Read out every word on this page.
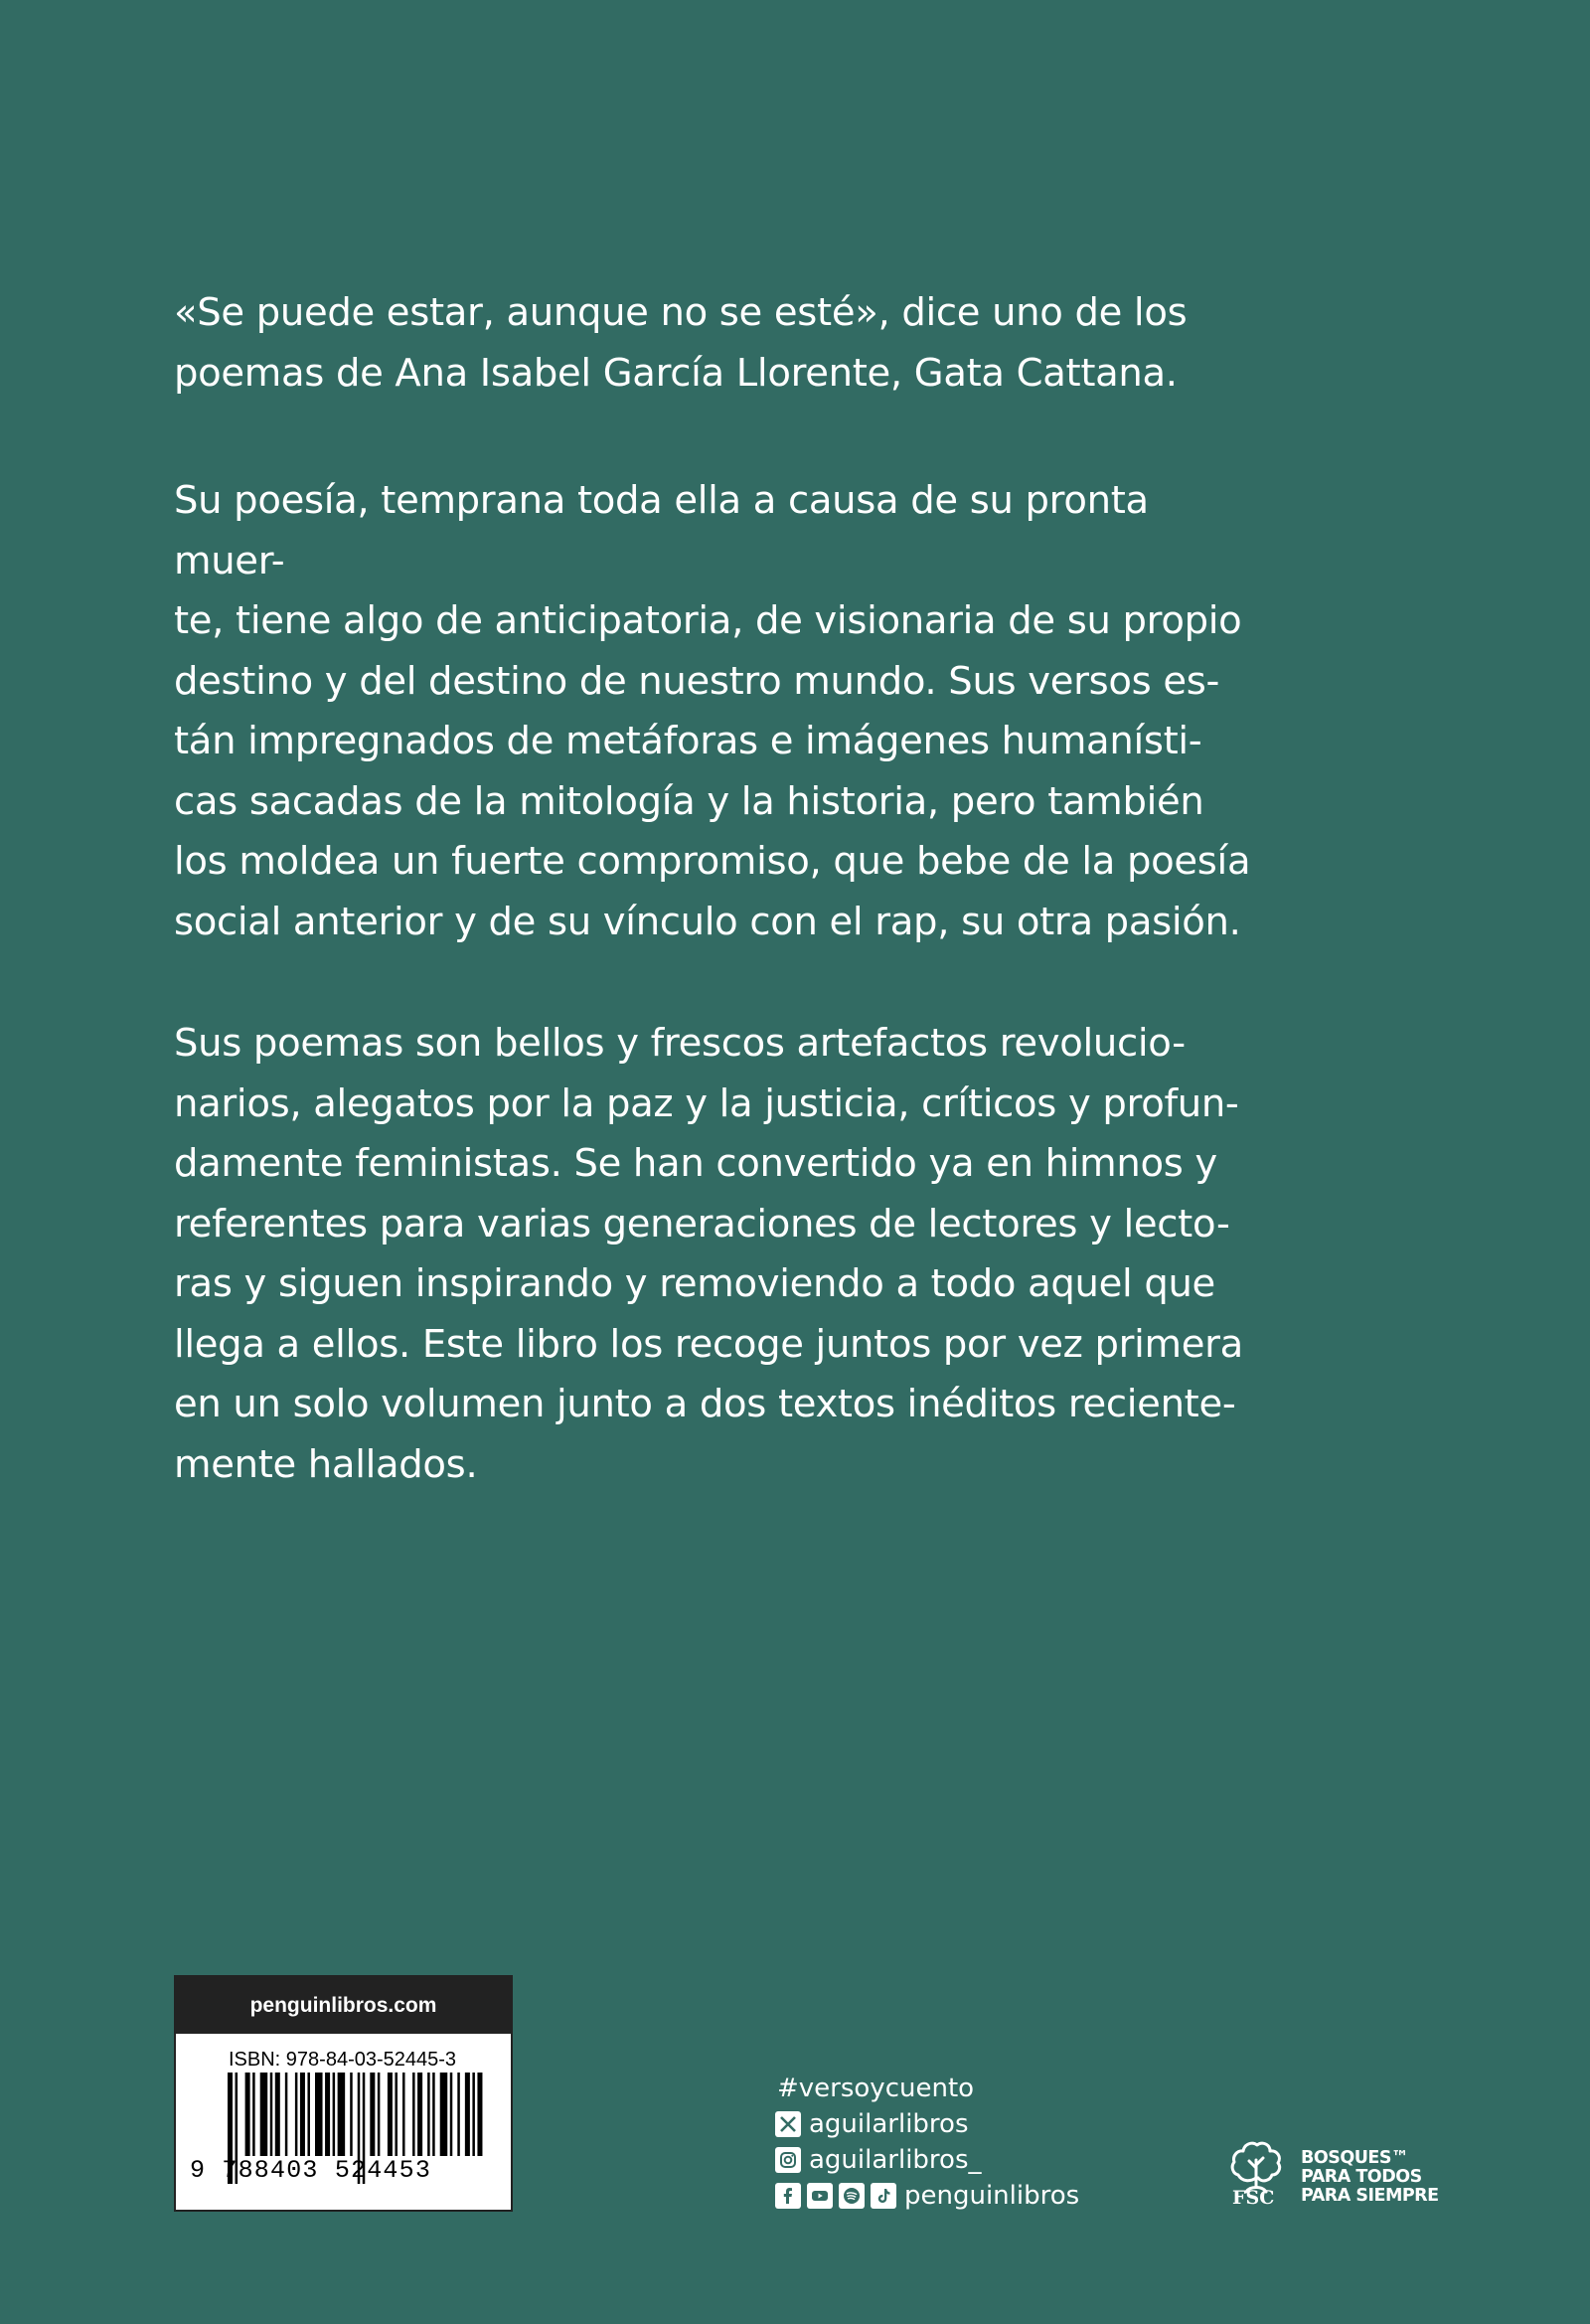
«Se puede estar, aunque no se esté», dice uno de los
poemas de Ana Isabel García Llorente, Gata Cattana.

Su poesía, temprana toda ella a causa de su pronta muer-
te, tiene algo de anticipatoria, de visionaria de su propio
destino y del destino de nuestro mundo. Sus versos es-
tán impregnados de metáforas e imágenes humanísti-
cas sacadas de la mitología y la historia, pero también
los moldea un fuerte compromiso, que bebe de la poesía
social anterior y de su vínculo con el rap, su otra pasión.

Sus poemas son bellos y frescos artefactos revolucio-
narios, alegatos por la paz y la justicia, críticos y profun-
damente feministas. Se han convertido ya en himnos y
referentes para varias generaciones de lectores y lecto-
ras y siguen inspirando y removiendo a todo aquel que
llega a ellos. Este libro los recoge juntos por vez primera
en un solo volumen junto a dos textos inéditos reciente-
mente hallados.

penguinlibros.com
ISBN: 978-84-03-52445-3
9 788403 524453
#versoycuento
aguilarlibros
aguilarlibros_
penguinlibros
BOSQUES™
PARA TODOS
PARA SIEMPRE
FSC
